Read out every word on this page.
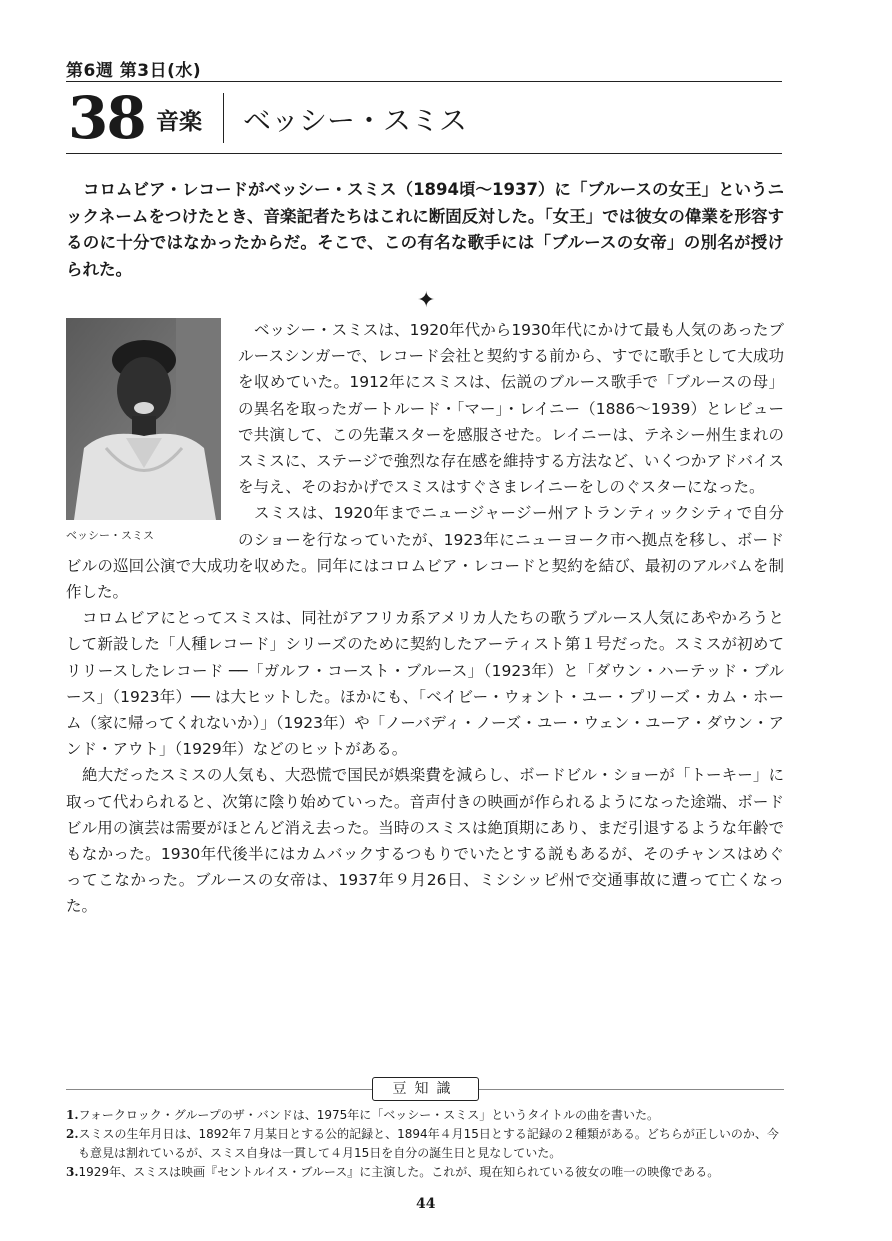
第6週 第3日(水)
38 音楽 ベッシー・スミス

コロムビア・レコードがベッシー・スミス（1894頃〜1937）に「ブルースの女王」というニックネームをつけたとき、音楽記者たちはこれに断固反対した。「女王」では彼女の偉業を形容するのに十分ではなかったからだ。そこで、この有名な歌手には「ブルースの女帝」の別名が授けられた。

✦
ベッシー・スミス

ベッシー・スミスは、1920年代から1930年代にかけて最も人気のあったブルースシンガーで、レコード会社と契約する前から、すでに歌手として大成功を収めていた。1912年にスミスは、伝説のブルース歌手で「ブルースの母」の異名を取ったガートルード・「マー」・レイニー（1886〜1939）とレビューで共演して、この先輩スターを感服させた。レイニーは、テネシー州生まれのスミスに、ステージで強烈な存在感を維持する方法など、いくつかアドバイスを与え、そのおかげでスミスはすぐさまレイニーをしのぐスターになった。

スミスは、1920年までニュージャージー州アトランティックシティで自分のショーを行なっていたが、1923年にニューヨーク市へ拠点を移し、ボードビルの巡回公演で大成功を収めた。同年にはコロムビア・レコードと契約を結び、最初のアルバムを制作した。

コロムビアにとってスミスは、同社がアフリカ系アメリカ人たちの歌うブルース人気にあやかろうとして新設した「人種レコード」シリーズのために契約したアーティスト第１号だった。スミスが初めてリリースしたレコード ──「ガルフ・コースト・ブルース」（1923年）と「ダウン・ハーテッド・ブルース」（1923年）── は大ヒットした。ほかにも、「ベイビー・ウォント・ユー・プリーズ・カム・ホーム（家に帰ってくれないか）」（1923年）や「ノーバディ・ノーズ・ユー・ウェン・ユーア・ダウン・アンド・アウト」（1929年）などのヒットがある。

絶大だったスミスの人気も、大恐慌で国民が娯楽費を減らし、ボードビル・ショーが「トーキー」に取って代わられると、次第に陰り始めていった。音声付きの映画が作られるようになった途端、ボードビル用の演芸は需要がほとんど消え去った。当時のスミスは絶頂期にあり、まだ引退するような年齢でもなかった。1930年代後半にはカムバックするつもりでいたとする説もあるが、そのチャンスはめぐってこなかった。ブルースの女帝は、1937年９月26日、ミシシッピ州で交通事故に遭って亡くなった。

豆知識
1.フォークロック・グループのザ・バンドは、1975年に「ベッシー・スミス」というタイトルの曲を書いた。
2.スミスの生年月日は、1892年７月某日とする公的記録と、1894年４月15日とする記録の２種類がある。どちらが正しいのか、今も意見は割れているが、スミス自身は一貫して４月15日を自分の誕生日と見なしていた。
3.1929年、スミスは映画『セントルイス・ブルース』に主演した。これが、現在知られている彼女の唯一の映像である。
44
